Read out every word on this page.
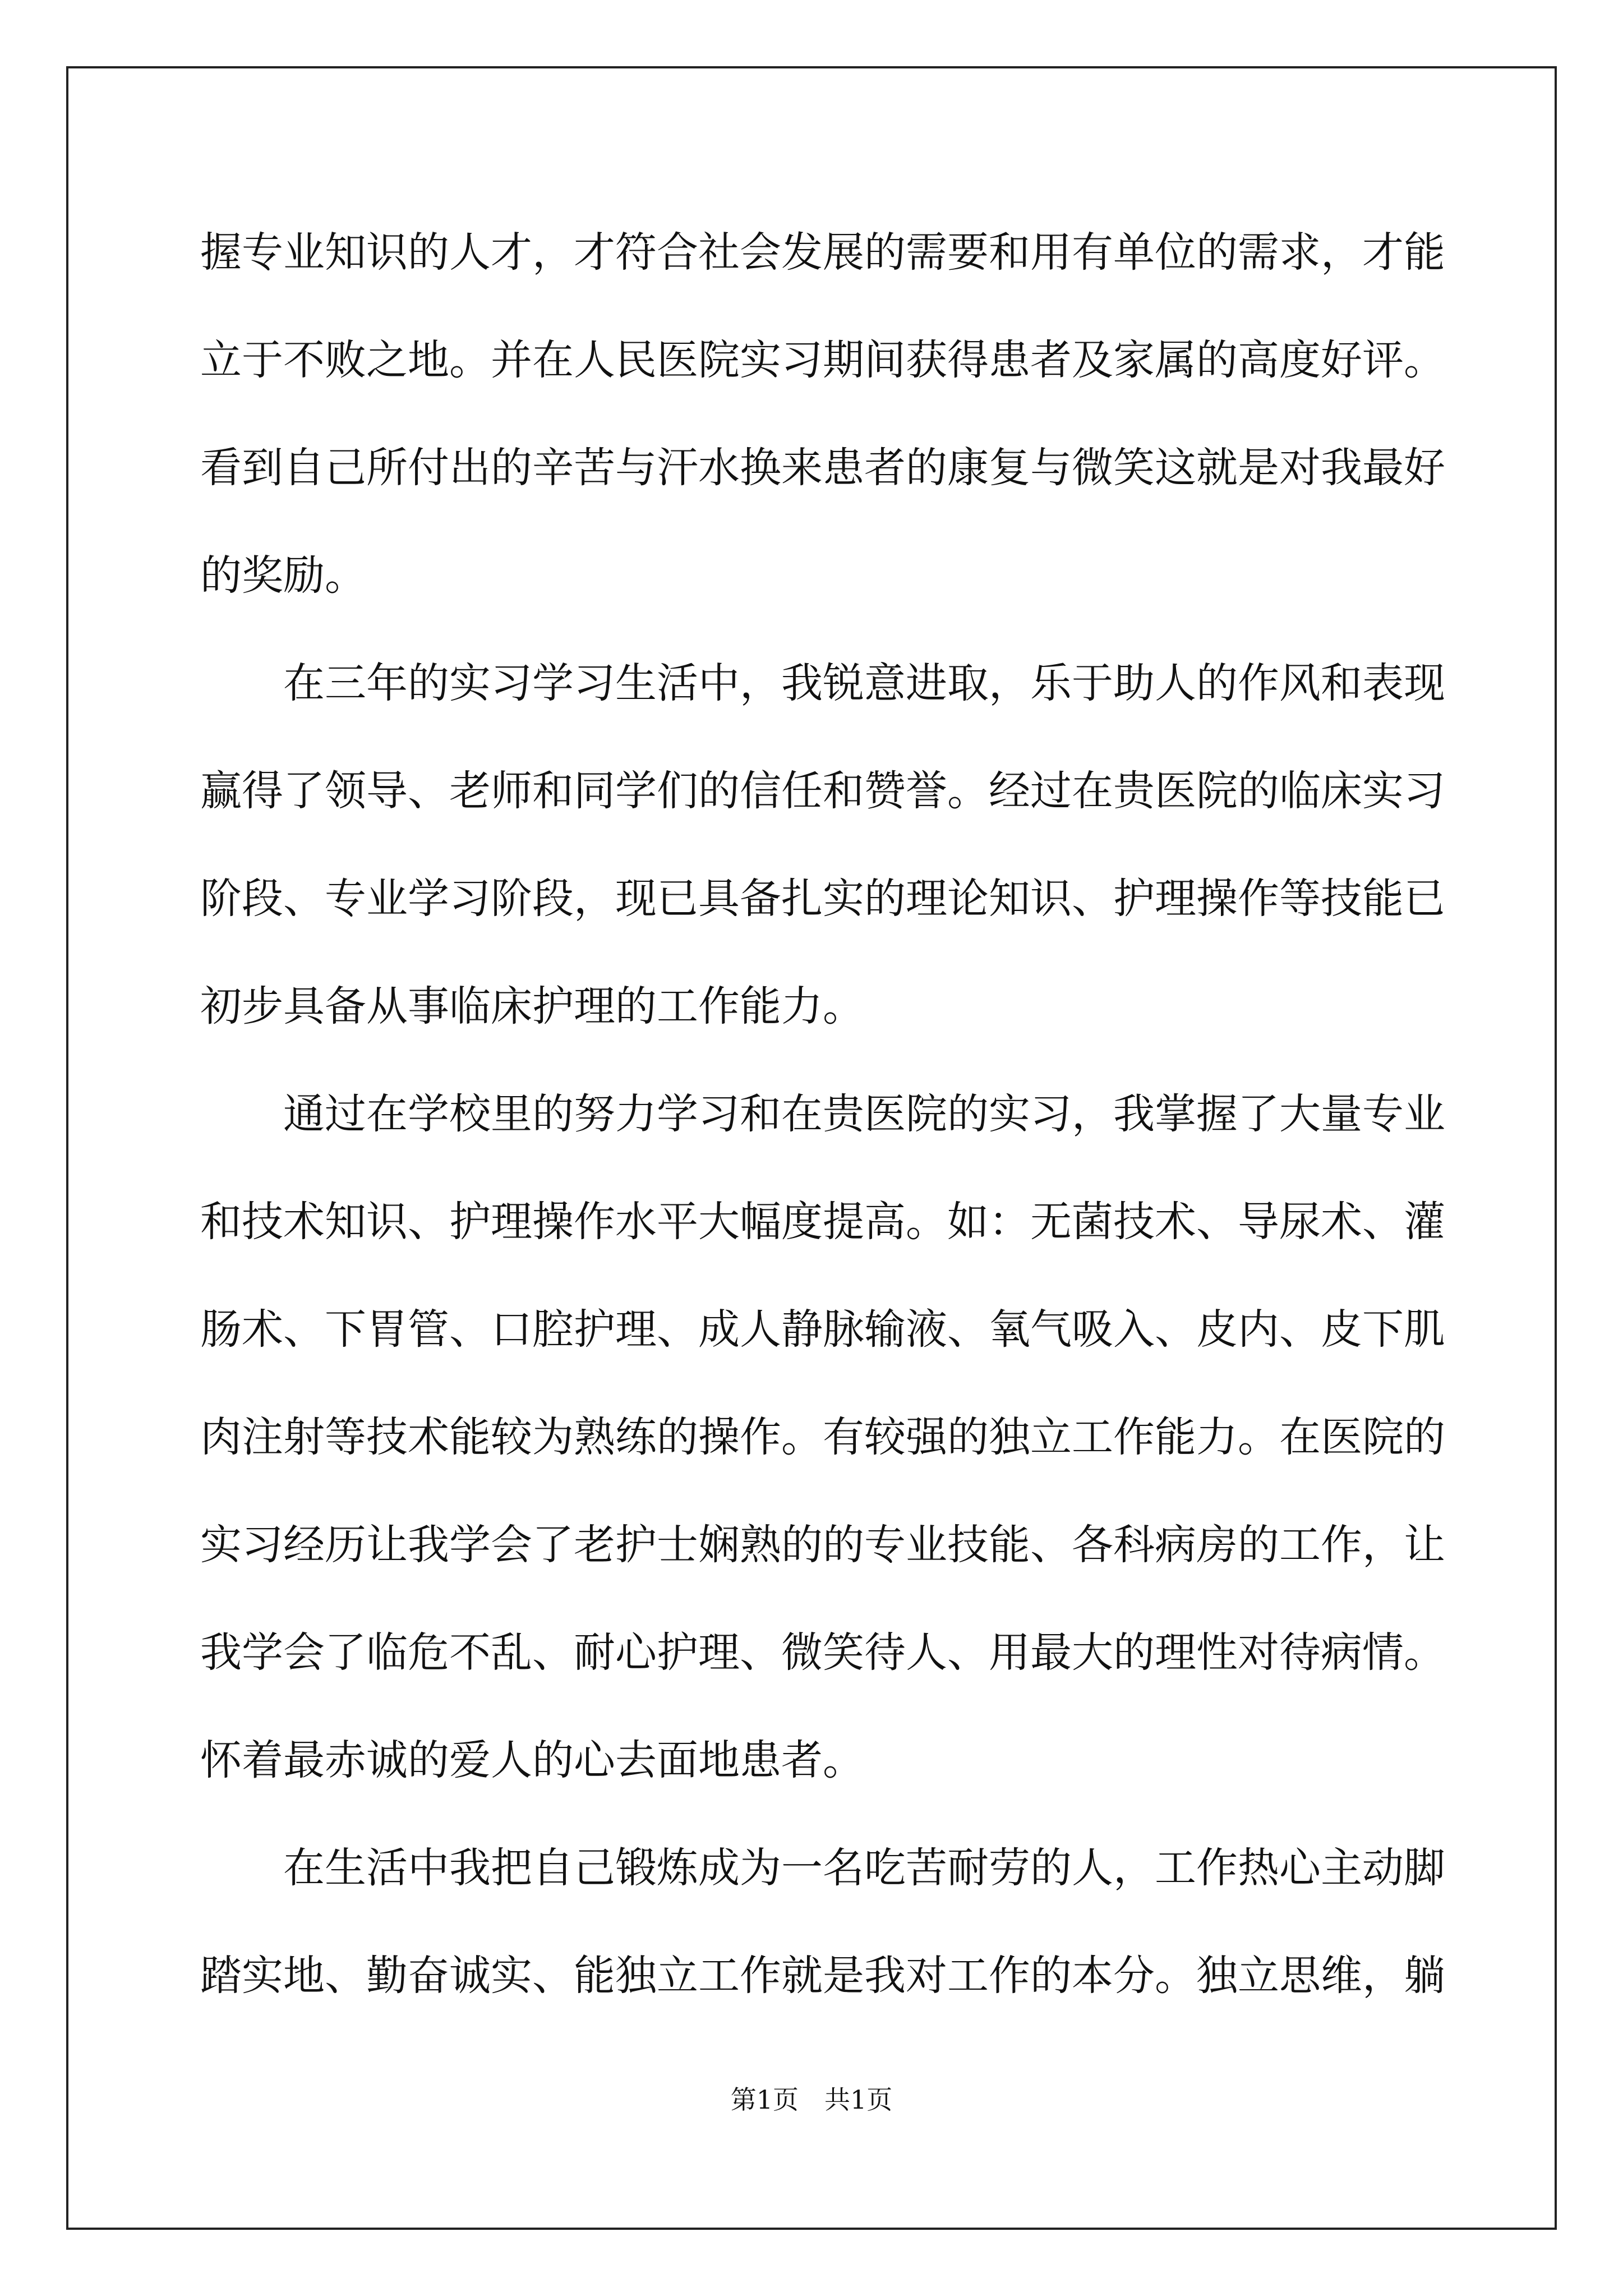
握专业知识的人才，才符合社会发展的需要和用有单位的需求，才能

立于不败之地。并在人民医院实习期间获得患者及家属的高度好评。

看到自己所付出的辛苦与汗水换来患者的康复与微笑这就是对我最好

的奖励。

在三年的实习学习生活中，我锐意进取，乐于助人的作风和表现

赢得了领导、老师和同学们的信任和赞誉。经过在贵医院的临床实习

阶段、专业学习阶段，现已具备扎实的理论知识、护理操作等技能已

初步具备从事临床护理的工作能力。

通过在学校里的努力学习和在贵医院的实习，我掌握了大量专业

和技术知识、护理操作水平大幅度提高。如：无菌技术、导尿术、灌

肠术、下胃管、口腔护理、成人静脉输液、氧气吸入、皮内、皮下肌

肉注射等技术能较为熟练的操作。有较强的独立工作能力。在医院的

实习经历让我学会了老护士娴熟的的专业技能、各科病房的工作，让

我学会了临危不乱、耐心护理、微笑待人、用最大的理性对待病情。

怀着最赤诚的爱人的心去面地患者。

在生活中我把自己锻炼成为一名吃苦耐劳的人，工作热心主动脚

踏实地、勤奋诚实、能独立工作就是我对工作的本分。独立思维，躺

第1页　共1页
